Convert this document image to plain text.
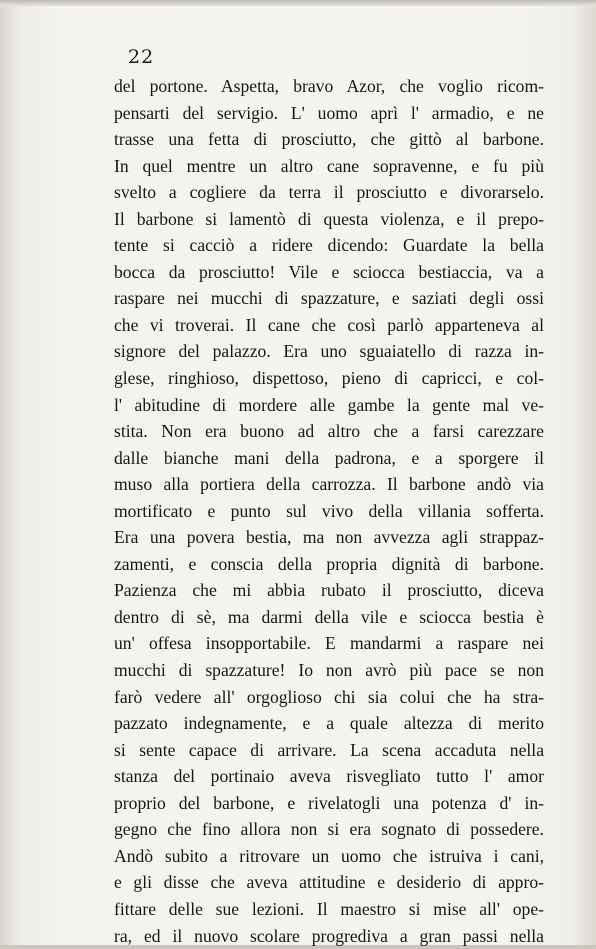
22
del portone. Aspetta, bravo Azor, che voglio ricom-
pensarti del servigio. L' uomo aprì l' armadio, e ne
trasse una fetta di prosciutto, che gittò al barbone.
In quel mentre un altro cane sopravenne, e fu più
svelto a cogliere da terra il prosciutto e divorarselo.
Il barbone si lamentò di questa violenza, e il prepo-
tente si cacciò a ridere dicendo: Guardate la bella
bocca da prosciutto! Vile e sciocca bestiaccia, va a
raspare nei mucchi di spazzature, e saziati degli ossi
che vi troverai. Il cane che così parlò apparteneva al
signore del palazzo. Era uno sguaiatello di razza in-
glese, ringhioso, dispettoso, pieno di capricci, e col-
l' abitudine di mordere alle gambe la gente mal ve-
stita. Non era buono ad altro che a farsi carezzare
dalle bianche mani della padrona, e a sporgere il
muso alla portiera della carrozza. Il barbone andò via
mortificato e punto sul vivo della villania sofferta.
Era una povera bestia, ma non avvezza agli strappaz-
zamenti, e conscia della propria dignità di barbone.
Pazienza che mi abbia rubato il prosciutto, diceva
dentro di sè, ma darmi della vile e sciocca bestia è
un' offesa insopportabile. E mandarmi a raspare nei
mucchi di spazzature! Io non avrò più pace se non
farò vedere all' orgoglioso chi sia colui che ha stra-
pazzato indegnamente, e a quale altezza di merito
si sente capace di arrivare. La scena accaduta nella
stanza del portinaio aveva risvegliato tutto l' amor
proprio del barbone, e rivelatogli una potenza d' in-
gegno che fino allora non si era sognato di possedere.
Andò subito a ritrovare un uomo che istruiva i cani,
e gli disse che aveva attitudine e desiderio di appro-
fittare delle sue lezioni. Il maestro si mise all' ope-
ra, ed il nuovo scolare progrediva a gran passi nella
